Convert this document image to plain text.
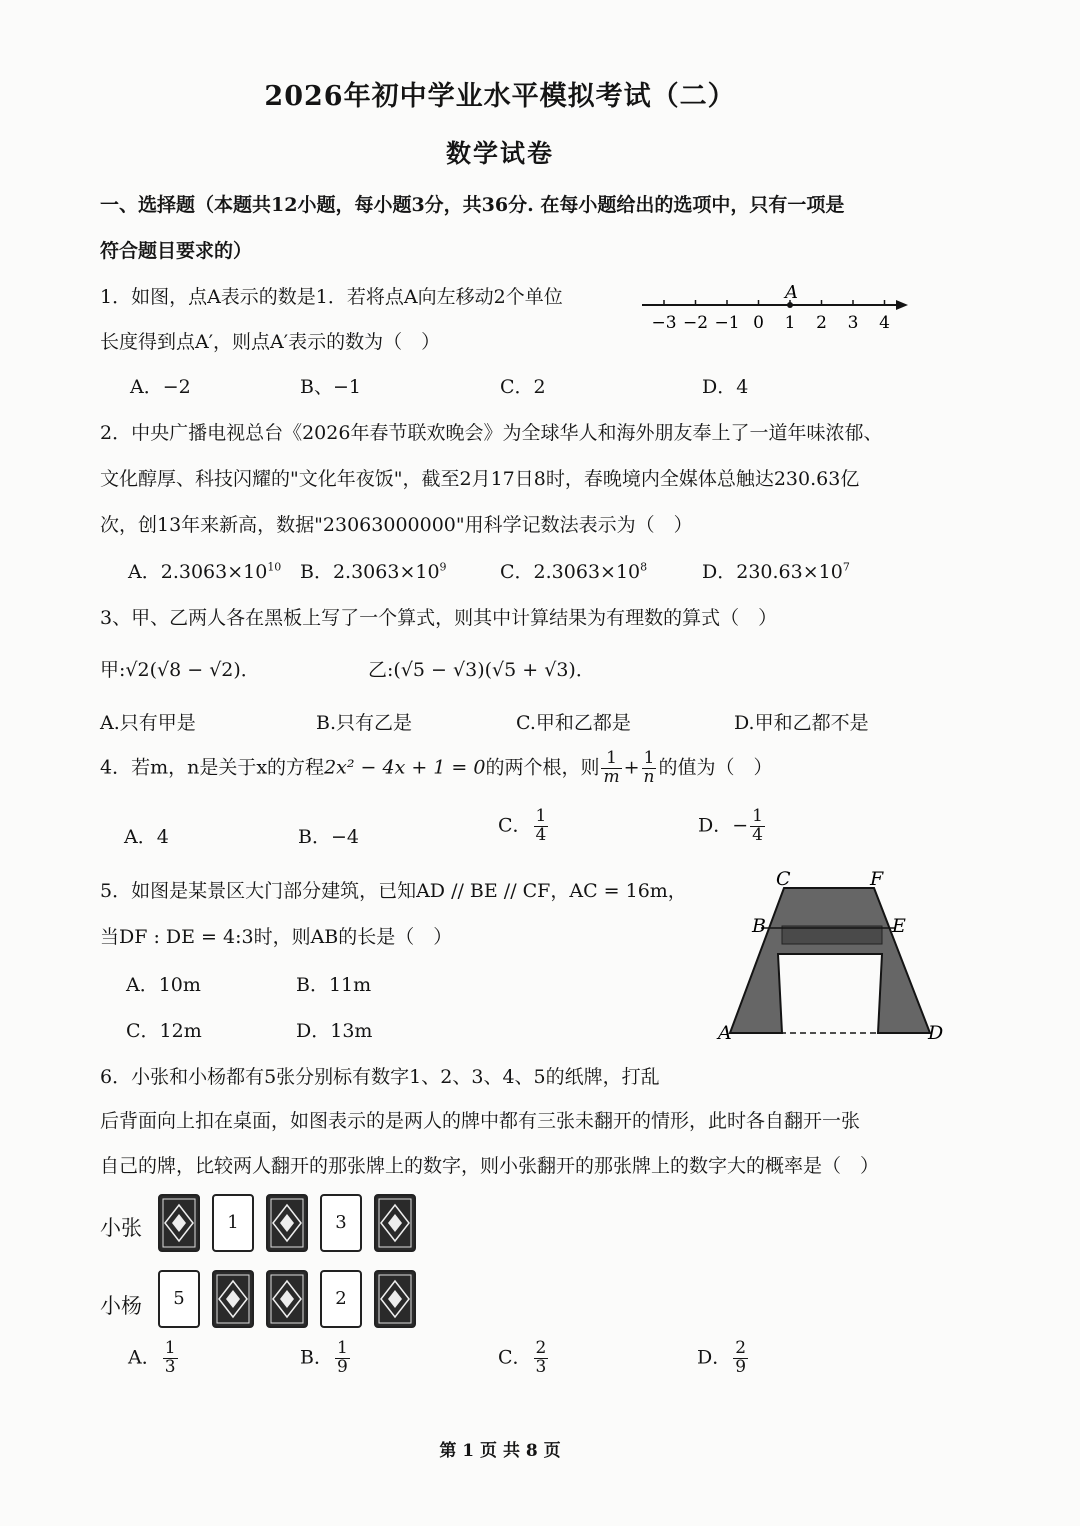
2026年初中学业水平模拟考试（二）
数学试卷
一、选择题（本题共12小题，每小题3分，共36分. 在每小题给出的选项中，只有一项是
符合题目要求的）
1．如图，点A表示的数是1．若将点A向左移动2个单位
长度得到点A′，则点A′表示的数为（　）
−3 −2 −1 0 1 2 3 4
A
A．−2	B、−1	C．2	D．4
2．中央广播电视总台《2026年春节联欢晚会》为全球华人和海外朋友奉上了一道年味浓郁、
文化醇厚、科技闪耀的"文化年夜饭"，截至2月17日8时，春晚境内全媒体总触达230.63亿
次，创13年来新高，数据"23063000000"用科学记数法表示为（　）
A．$2.3063\times 10^{10}$ B．$2.3063\times 10^9$	C．$2.3063\times 10^8$	D．$230.63\times 10^7$
3、甲、乙两人各在黑板上写了一个算式，则其中计算结果为有理数的算式（　）
甲:√2(√8 − √2)．	乙:(√5 − √3)(√5 + √3)．
A.只有甲是	B.只有乙是	C.甲和乙都是	D.甲和乙都不是
4．若m，n是关于x的方程2x² − 4x + 1 = 0的两个根，则 $\frac{1}{m} + \frac{1}{n}$ 的值为（　）
A．4	B．−4
C． $\frac{1}{4}$	D．− $\frac{1}{4}$
5．如图是某景区大门部分建筑，已知AD // BE // CF，AC = 16m，
当DF : DE = 4:3时，则AB的长是（　）
A．10m	B．11m
C．12m	D．13m
C	F
B	E
A	D
6．小张和小杨都有5张分别标有数字1、2、3、4、5的纸牌，打乱
后背面向上扣在桌面，如图表示的是两人的牌中都有三张未翻开的情形，此时各自翻开一张
自己的牌，比较两人翻开的那张牌上的数字，则小张翻开的那张牌上的数字大的概率是（　）
小张
小杨
1	3
5	2
A． $\frac{1}{3}$	B． $\frac{1}{9}$	C． $\frac{2}{3}$	D． $\frac{2}{9}$
第 1 页 共 8 页
